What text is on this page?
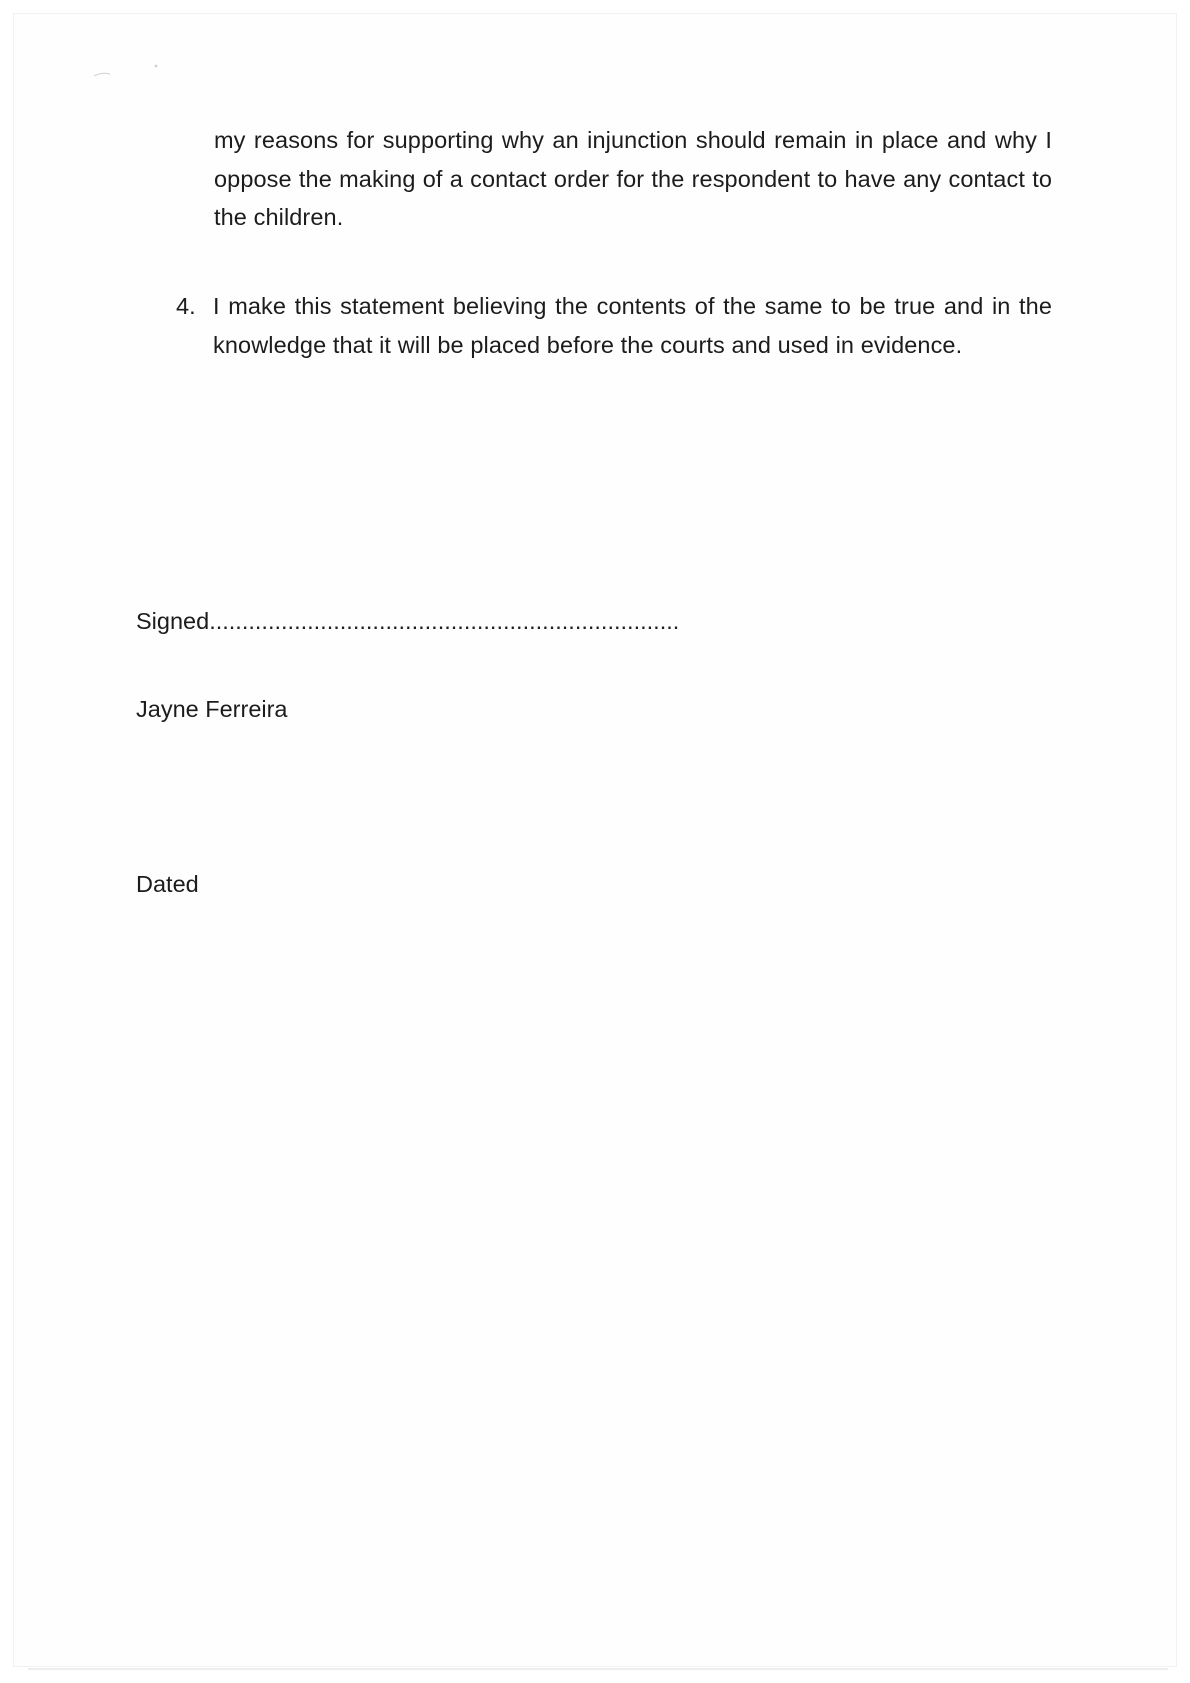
my reasons for supporting why an injunction should remain in place and why I oppose the making of a contact order for the respondent to have any contact to the children.
4. I make this statement believing the contents of the same to be true and in the knowledge that it will be placed before the courts and used in evidence.
Signed........................................................................
Jayne Ferreira
Dated
